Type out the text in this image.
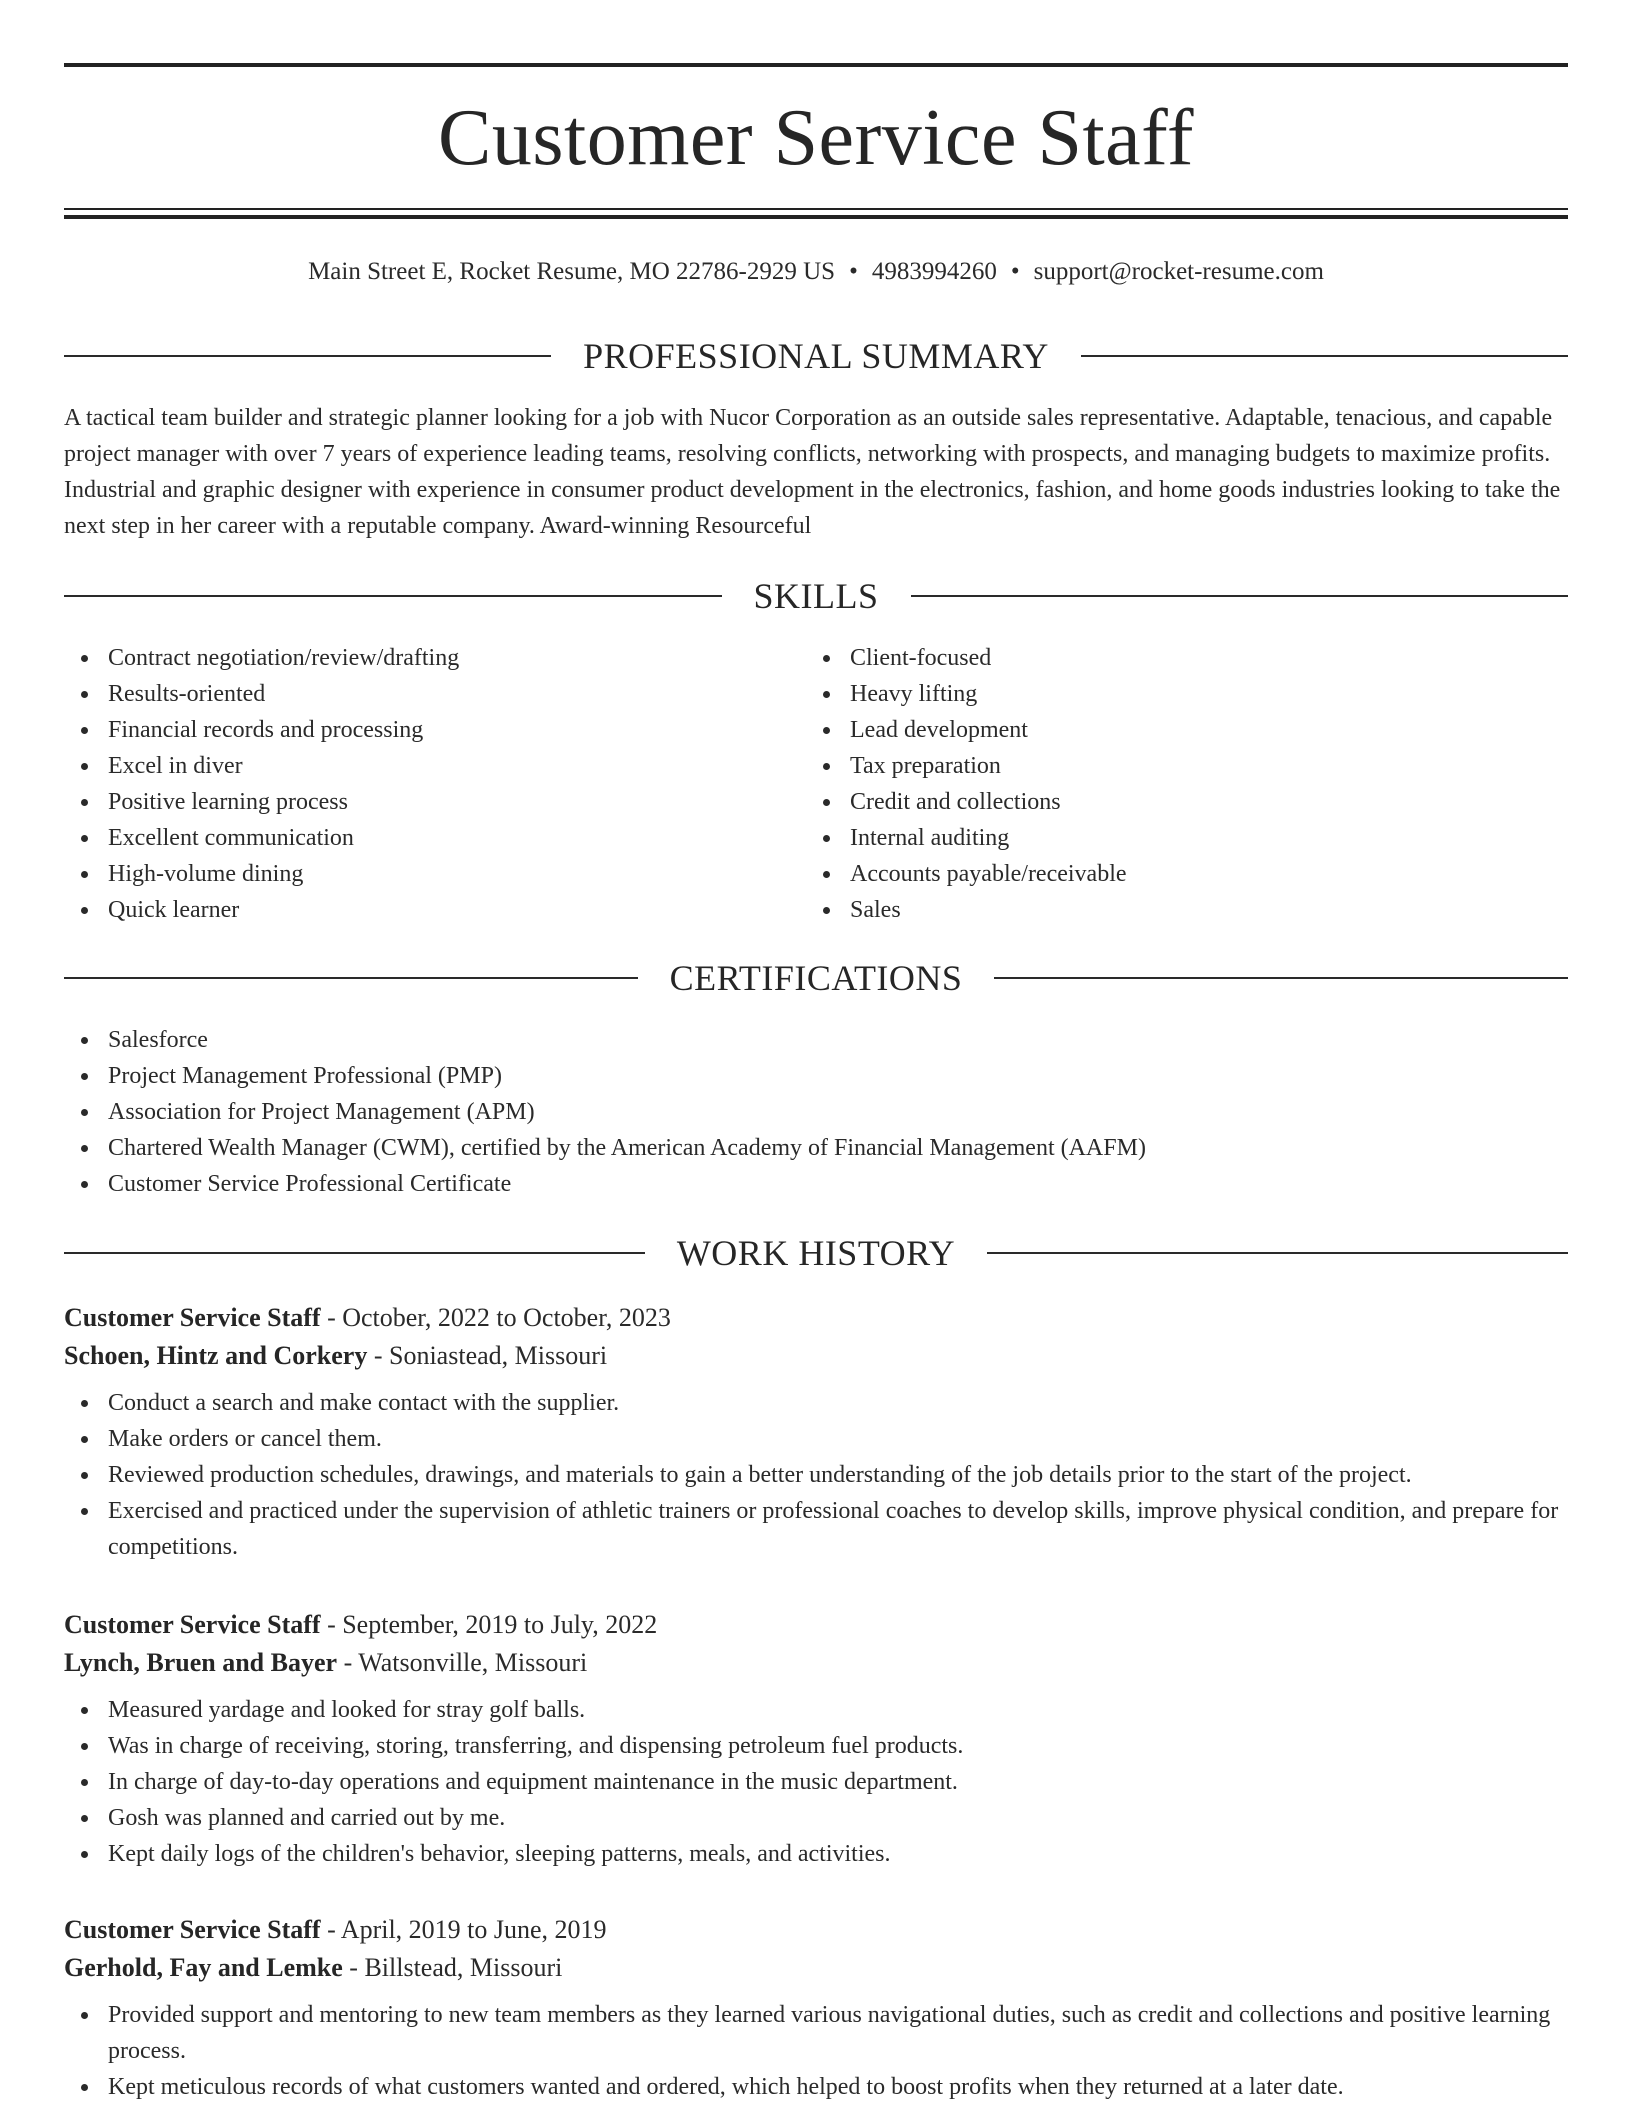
Customer Service Staff
Main Street E, Rocket Resume, MO 22786-2929 US • 4983994260 • support@rocket-resume.com
PROFESSIONAL SUMMARY

A tactical team builder and strategic planner looking for a job with Nucor Corporation as an outside sales representative. Adaptable, tenacious, and capable project manager with over 7 years of experience leading teams, resolving conflicts, networking with prospects, and managing budgets to maximize profits. Industrial and graphic designer with experience in consumer product development in the electronics, fashion, and home goods industries looking to take the next step in her career with a reputable company. Award-winning Resourceful

SKILLS
Contract negotiation/review/drafting
Results-oriented
Financial records and processing
Excel in diver
Positive learning process
Excellent communication
High-volume dining
Quick learner
Client-focused
Heavy lifting
Lead development
Tax preparation
Credit and collections
Internal auditing
Accounts payable/receivable
Sales
CERTIFICATIONS
Salesforce
Project Management Professional (PMP)
Association for Project Management (APM)
Chartered Wealth Manager (CWM), certified by the American Academy of Financial Management (AAFM)
Customer Service Professional Certificate
WORK HISTORY
Customer Service Staff - October, 2022 to October, 2023
Schoen, Hintz and Corkery - Soniastead, Missouri
Conduct a search and make contact with the supplier.
Make orders or cancel them.
Reviewed production schedules, drawings, and materials to gain a better understanding of the job details prior to the start of the project.
Exercised and practiced under the supervision of athletic trainers or professional coaches to develop skills, improve physical condition, and prepare for competitions.
Customer Service Staff - September, 2019 to July, 2022
Lynch, Bruen and Bayer - Watsonville, Missouri
Measured yardage and looked for stray golf balls.
Was in charge of receiving, storing, transferring, and dispensing petroleum fuel products.
In charge of day-to-day operations and equipment maintenance in the music department.
Gosh was planned and carried out by me.
Kept daily logs of the children's behavior, sleeping patterns, meals, and activities.
Customer Service Staff - April, 2019 to June, 2019
Gerhold, Fay and Lemke - Billstead, Missouri
Provided support and mentoring to new team members as they learned various navigational duties, such as credit and collections and positive learning process.
Kept meticulous records of what customers wanted and ordered, which helped to boost profits when they returned at a later date.
